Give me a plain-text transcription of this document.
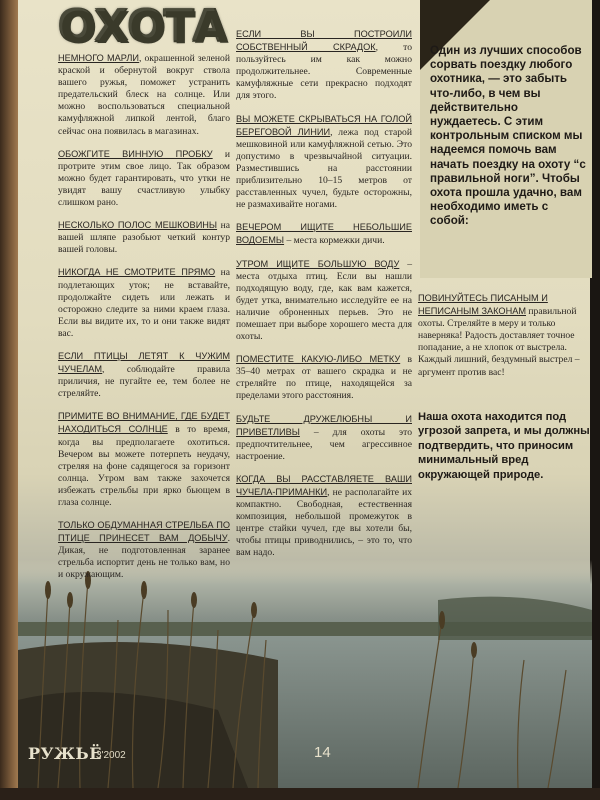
ОХОТА	Один из лучших способов сорвать поездку любого охотника, — это забыть что-либо, в чем вы действительно нуждаетесь. С этим контрольным списком мы надеемся помочь вам начать поездку на охоту “с правильной ноги”. Чтобы охота прошла удачно, вам необходимо иметь с собой:

НЕМНОГО МАРЛИ, окрашенной зеленой краской и обернутой вокруг ствола вашего ружья, поможет устранить предательский блеск на солнце. Или можно воспользоваться специальной камуфляжной липкой лентой, благо сейчас она появилась в магазинах.

ОБОЖГИТЕ ВИННУЮ ПРОБКУ и протрите этим свое лицо. Так образом можно будет гарантировать, что утки не увидят вашу счастливую улыбку слишком рано.

НЕСКОЛЬКО ПОЛОС МЕШКОВИНЫ на вашей шляпе разобьют четкий контур вашей головы.

НИКОГДА НЕ СМОТРИТЕ ПРЯМО на подлетающих уток; не вставайте, продолжайте сидеть или лежать и осторожно следите за ними краем глаза. Если вы видите их, то и они также видят вас.

ЕСЛИ ПТИЦЫ ЛЕТЯТ К ЧУЖИМ ЧУЧЕЛАМ, соблюдайте правила приличия, не пугайте ее, тем более не стреляйте.

ПРИМИТЕ ВО ВНИМАНИЕ, ГДЕ БУДЕТ НАХОДИТЬСЯ СОЛНЦЕ в то время, когда вы предполагаете охотиться. Вечером вы можете потерпеть неудачу, стреляя на фоне садящегося за горизонт солнца. Утром вам также захочется избежать стрельбы при ярко бьющем в глаза солнце.

ТОЛЬКО ОБДУМАННАЯ СТРЕЛЬБА ПО ПТИЦЕ ПРИНЕСЕТ ВАМ ДОБЫЧУ. Дикая, не подготовленная заранее стрельба испортит день не только вам, но и окружающим.

ЕСЛИ ВЫ ПОСТРОИЛИ СОБСТВЕННЫЙ СКРАДОК, то пользуйтесь им как можно продолжительнее. Современные камуфляжные сети прекрасно подходят для этого.

ВЫ МОЖЕТЕ СКРЫВАТЬСЯ НА ГОЛОЙ БЕРЕГОВОЙ ЛИНИИ, лежа под старой мешковиной или камуфляжной сетью. Это допустимо в чрезвычайной ситуации. Разместившись на расстоянии приблизительно 10–15 метров от расставленных чучел, будьте осторожны, не размахивайте ногами.

ВЕЧЕРОМ ИЩИТЕ НЕБОЛЬШИЕ ВОДОЕМЫ – места кормежки дичи.

УТРОМ ИЩИТЕ БОЛЬШУЮ ВОДУ – места отдыха птиц. Если вы нашли подходящую воду, где, как вам кажется, будет утка, внимательно исследуйте ее на наличие оброненных перьев. Это не помешает при выборе хорошего места для охоты.

ПОМЕСТИТЕ КАКУЮ-ЛИБО МЕТКУ в 35–40 метрах от вашего скрадка и не стреляйте по птице, находящейся за пределами этого расстояния.

БУДЬТЕ ДРУЖЕЛЮБНЫ И ПРИВЕТЛИВЫ – для охоты это предпочтительнее, чем агрессивное настроение.

КОГДА ВЫ РАССТАВЛЯЕТЕ ВАШИ ЧУЧЕЛА-ПРИМАНКИ, не располагайте их компактно. Свободная, естественная композиция, небольшой промежуток в центре стайки чучел, где вы хотели бы, чтобы птицы приводнились, – это то, что вам надо.

ПОВИНУЙТЕСЬ ПИСАНЫМ И НЕПИСАНЫМ ЗАКОНАМ правильной охоты. Стреляйте в меру и только наверняка! Радость доставляет точное попадание, а не хлопок от выстрела. Каждый лишний, бездумный выстрел – аргумент против вас!
Наша охота находится под угрозой запрета, и мы должны подтвердить, что приносим минимальный вред окружающей природе.
РУЖЬЁ
3'2002	14
